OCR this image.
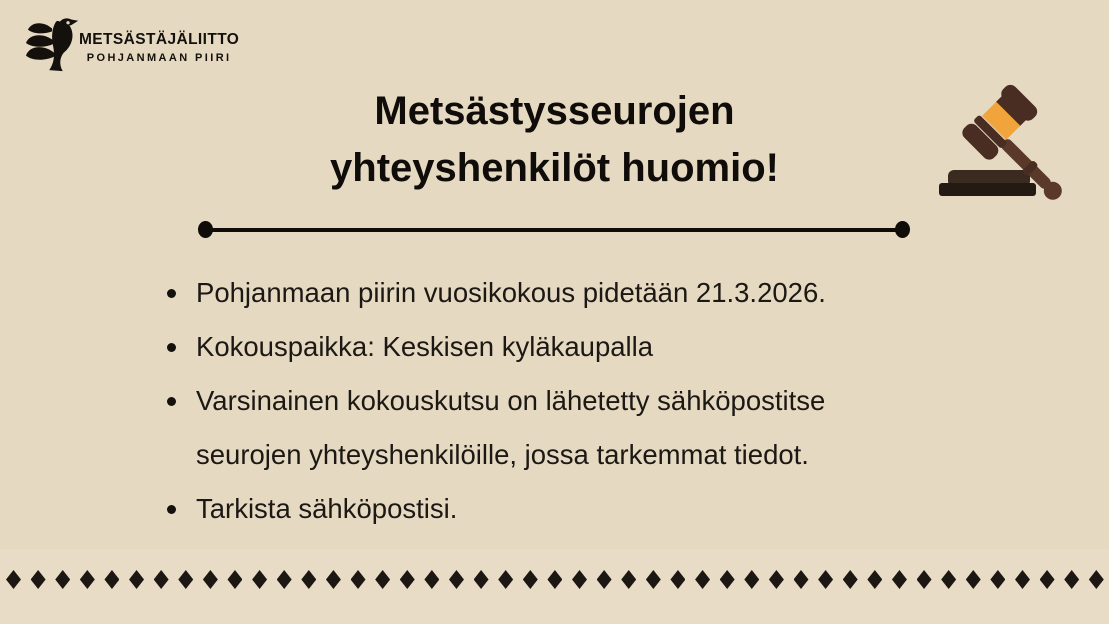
METSÄSTÄJÄLIITTO
POHJANMAAN PIIRI
Metsästysseurojen
yhteyshenkilöt huomio!
Pohjanmaan piirin vuosikokous pidetään 21.3.2026.
Kokouspaikka: Keskisen kyläkaupalla
Varsinainen kokouskutsu on lähetetty sähköpostitse
seurojen yhteyshenkilöille, jossa tarkemmat tiedot.
Tarkista sähköpostisi.
